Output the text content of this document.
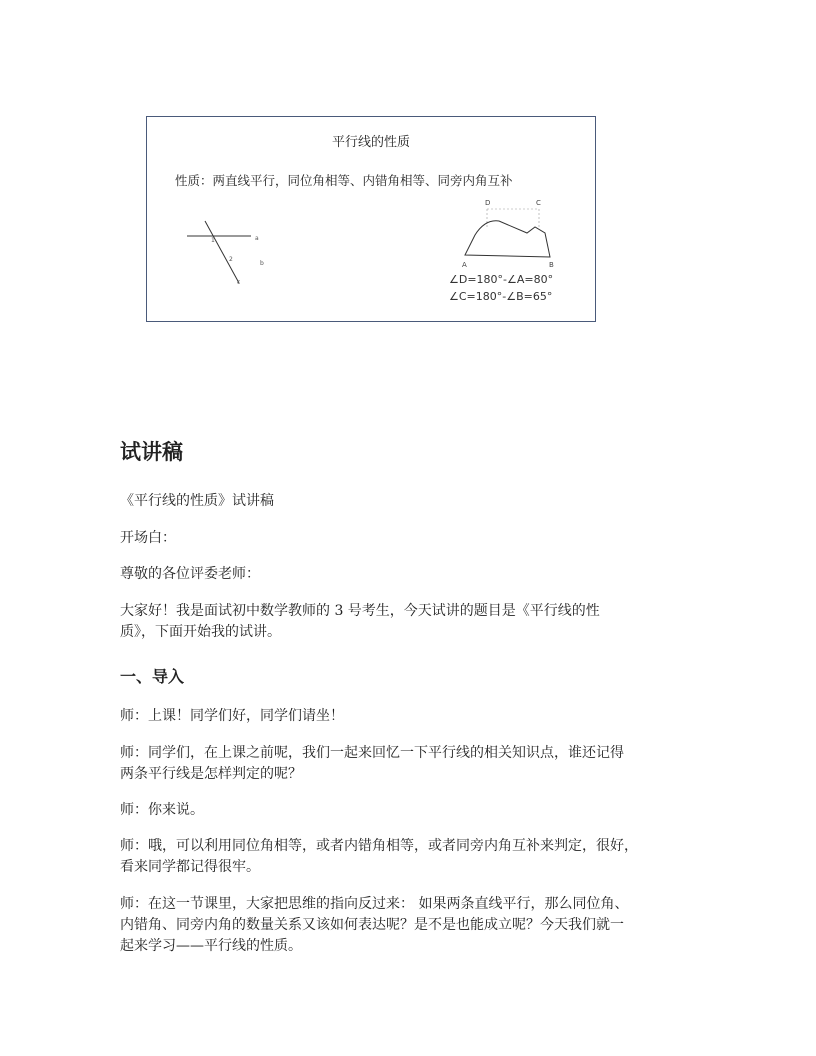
平行线的性质
性质：两直线平行，同位角相等、内错角相等、同旁内角互补
a
b
c
1
2
D	C
A	B
∠D=180°-∠A=80°
∠C=180°-∠B=65°
试讲稿
《平行线的性质》试讲稿
开场白：
尊敬的各位评委老师：
大家好！我是面试初中数学教师的 3 号考生，今天试讲的题目是《平行线的性
质》，下面开始我的试讲。
一、导入
师：上课！同学们好，同学们请坐！
师：同学们，在上课之前呢，我们一起来回忆一下平行线的相关知识点，谁还记得
两条平行线是怎样判定的呢？
师：你来说。
师：哦，可以利用同位角相等，或者内错角相等，或者同旁内角互补来判定，很好，
看来同学都记得很牢。
师：在这一节课里，大家把思维的指向反过来： 如果两条直线平行，那么同位角、
内错角、同旁内角的数量关系又该如何表达呢？是不是也能成立呢？今天我们就一
起来学习——平行线的性质。
